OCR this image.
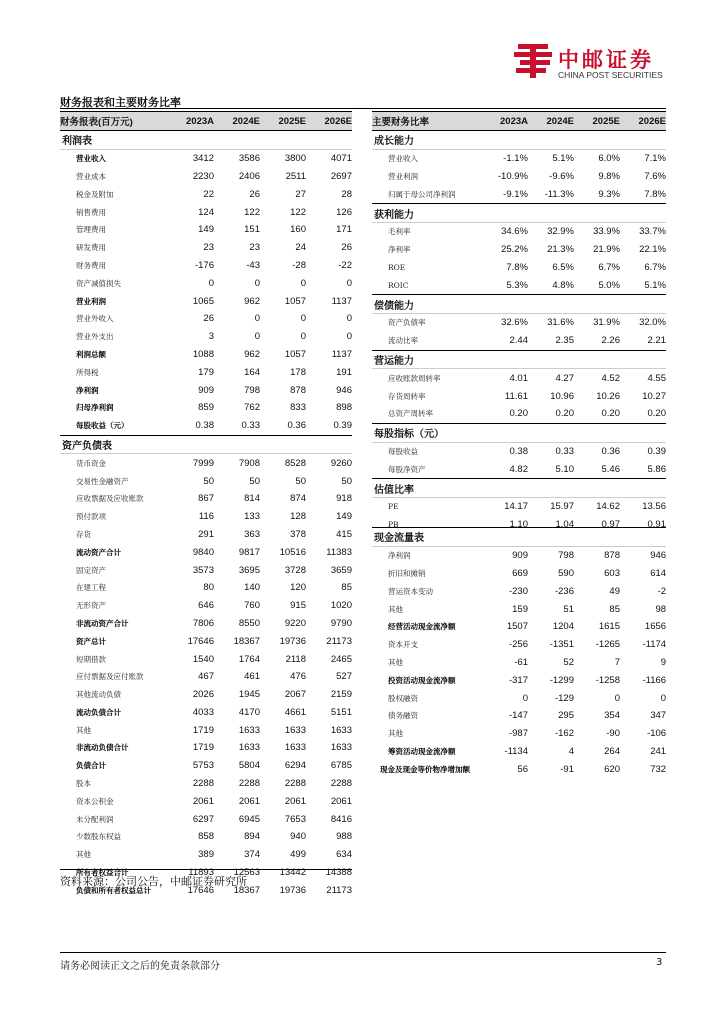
中邮证券
CHINA POST SECURITIES
财务报表和主要财务比率
财务报表(百万元)	2023A	2024E	2025E	2026E
利润表				
营业收入	3412	3586	3800	4071
营业成本	2230	2406	2511	2697
税金及附加	22	26	27	28
销售费用	124	122	122	126
管理费用	149	151	160	171
研发费用	23	23	24	26
财务费用	-176	-43	-28	-22
资产减值损失	0	0	0	0
营业利润	1065	962	1057	1137
营业外收入	26	0	0	0
营业外支出	3	0	0	0
利润总额	1088	962	1057	1137
所得税	179	164	178	191
净利润	909	798	878	946
归母净利润	859	762	833	898
每股收益（元）	0.38	0.33	0.36	0.39
资产负债表				
货币资金	7999	7908	8528	9260
交易性金融资产	50	50	50	50
应收票据及应收账款	867	814	874	918
预付款项	116	133	128	149
存货	291	363	378	415
流动资产合计	9840	9817	10516	11383
固定资产	3573	3695	3728	3659
在建工程	80	140	120	85
无形资产	646	760	915	1020
非流动资产合计	7806	8550	9220	9790
资产总计	17646	18367	19736	21173
短期借款	1540	1764	2118	2465
应付票据及应付账款	467	461	476	527
其他流动负债	2026	1945	2067	2159
流动负债合计	4033	4170	4661	5151
其他	1719	1633	1633	1633
非流动负债合计	1719	1633	1633	1633
负债合计	5753	5804	6294	6785
股本	2288	2288	2288	2288
资本公积金	2061	2061	2061	2061
未分配利润	6297	6945	7653	8416
少数股东权益	858	894	940	988
其他	389	374	499	634
所有者权益合计	11893	12563	13442	14388
负债和所有者权益总计	17646	18367	19736	21173
主要财务比率	2023A	2024E	2025E	2026E
成长能力				
营业收入	-1.1%	5.1%	6.0%	7.1%
营业利润	-10.9%	-9.6%	9.8%	7.6%
归属于母公司净利润	-9.1%	-11.3%	9.3%	7.8%
获利能力				
毛利率	34.6%	32.9%	33.9%	33.7%
净利率	25.2%	21.3%	21.9%	22.1%
ROE	7.8%	6.5%	6.7%	6.7%
ROIC	5.3%	4.8%	5.0%	5.1%
偿债能力				
资产负债率	32.6%	31.6%	31.9%	32.0%
流动比率	2.44	2.35	2.26	2.21
营运能力				
应收账款周转率	4.01	4.27	4.52	4.55
存货周转率	11.61	10.96	10.26	10.27
总资产周转率	0.20	0.20	0.20	0.20
每股指标（元）				
每股收益	0.38	0.33	0.36	0.39
每股净资产	4.82	5.10	5.46	5.86
估值比率				
PE	14.17	15.97	14.62	13.56
PB	1.10	1.04	0.97	0.91
现金流量表				
净利润	909	798	878	946
折旧和摊销	669	590	603	614
营运资本变动	-230	-236	49	-2
其他	159	51	85	98
经营活动现金流净额	1507	1204	1615	1656
资本开支	-256	-1351	-1265	-1174
其他	-61	52	7	9
投资活动现金流净额	-317	-1299	-1258	-1166
股权融资	0	-129	0	0
债务融资	-147	295	354	347
其他	-987	-162	-90	-106
筹资活动现金流净额	-1134	4	264	241
现金及现金等价物净增加额	56	-91	620	732
资料来源：公司公告，中邮证券研究所
请务必阅读正文之后的免责条款部分	3
